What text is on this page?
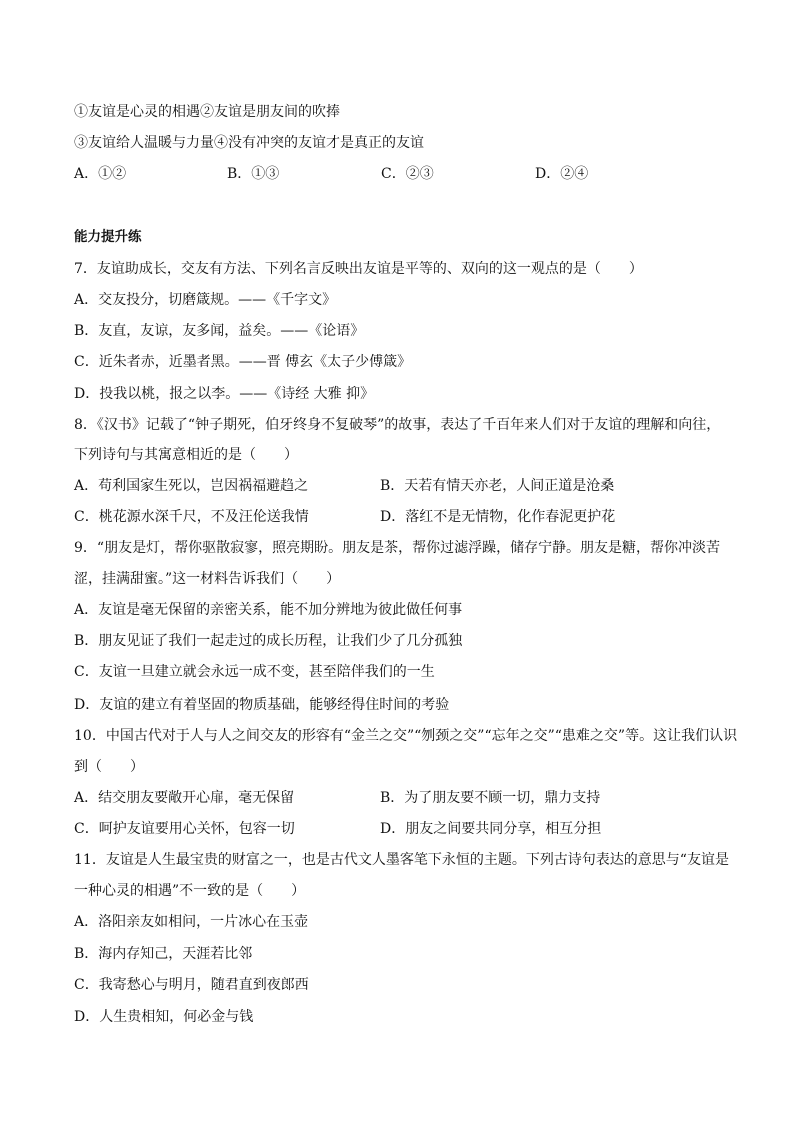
①友谊是心灵的相遇②友谊是朋友间的吹捧
③友谊给人温暖与力量④没有冲突的友谊才是真正的友谊
A．①②	B．①③	C．②③	D．②④
能力提升练
7．友谊助成长，交友有方法、下列名言反映出友谊是平等的、双向的这一观点的是（　　）
A．交友投分，切磨箴规。——《千字文》
B．友直，友谅，友多闻，益矣。——《论语》
C．近朱者赤，近墨者黑。——晋 傅玄《太子少傅箴》
D．投我以桃，报之以李。——《诗经 大雅 抑》
8．《汉书》记载了“钟子期死，伯牙终身不复破琴”的故事，表达了千百年来人们对于友谊的理解和向往，
下列诗句与其寓意相近的是（　　）
A．苟利国家生死以，岂因祸福避趋之	B．天若有情天亦老，人间正道是沧桑
C．桃花源水深千尺，不及汪伦送我情	D．落红不是无情物，化作春泥更护花
9．“朋友是灯，帮你驱散寂寥，照亮期盼。朋友是茶，帮你过滤浮躁，储存宁静。朋友是糖，帮你冲淡苦
涩，挂满甜蜜。”这一材料告诉我们（　　）
A．友谊是毫无保留的亲密关系，能不加分辨地为彼此做任何事
B．朋友见证了我们一起走过的成长历程，让我们少了几分孤独
C．友谊一旦建立就会永远一成不变，甚至陪伴我们的一生
D．友谊的建立有着坚固的物质基础，能够经得住时间的考验
10．中国古代对于人与人之间交友的形容有“金兰之交”“刎颈之交”“忘年之交”“患难之交”等。这让我们认识
到（　　）
A．结交朋友要敞开心扉，毫无保留	B．为了朋友要不顾一切，鼎力支持
C．呵护友谊要用心关怀，包容一切	D．朋友之间要共同分享，相互分担
11．友谊是人生最宝贵的财富之一，也是古代文人墨客笔下永恒的主题。下列古诗句表达的意思与“友谊是
一种心灵的相遇”不一致的是（　　）
A．洛阳亲友如相问，一片冰心在玉壶
B．海内存知己，天涯若比邻
C．我寄愁心与明月，随君直到夜郎西
D．人生贵相知，何必金与钱
